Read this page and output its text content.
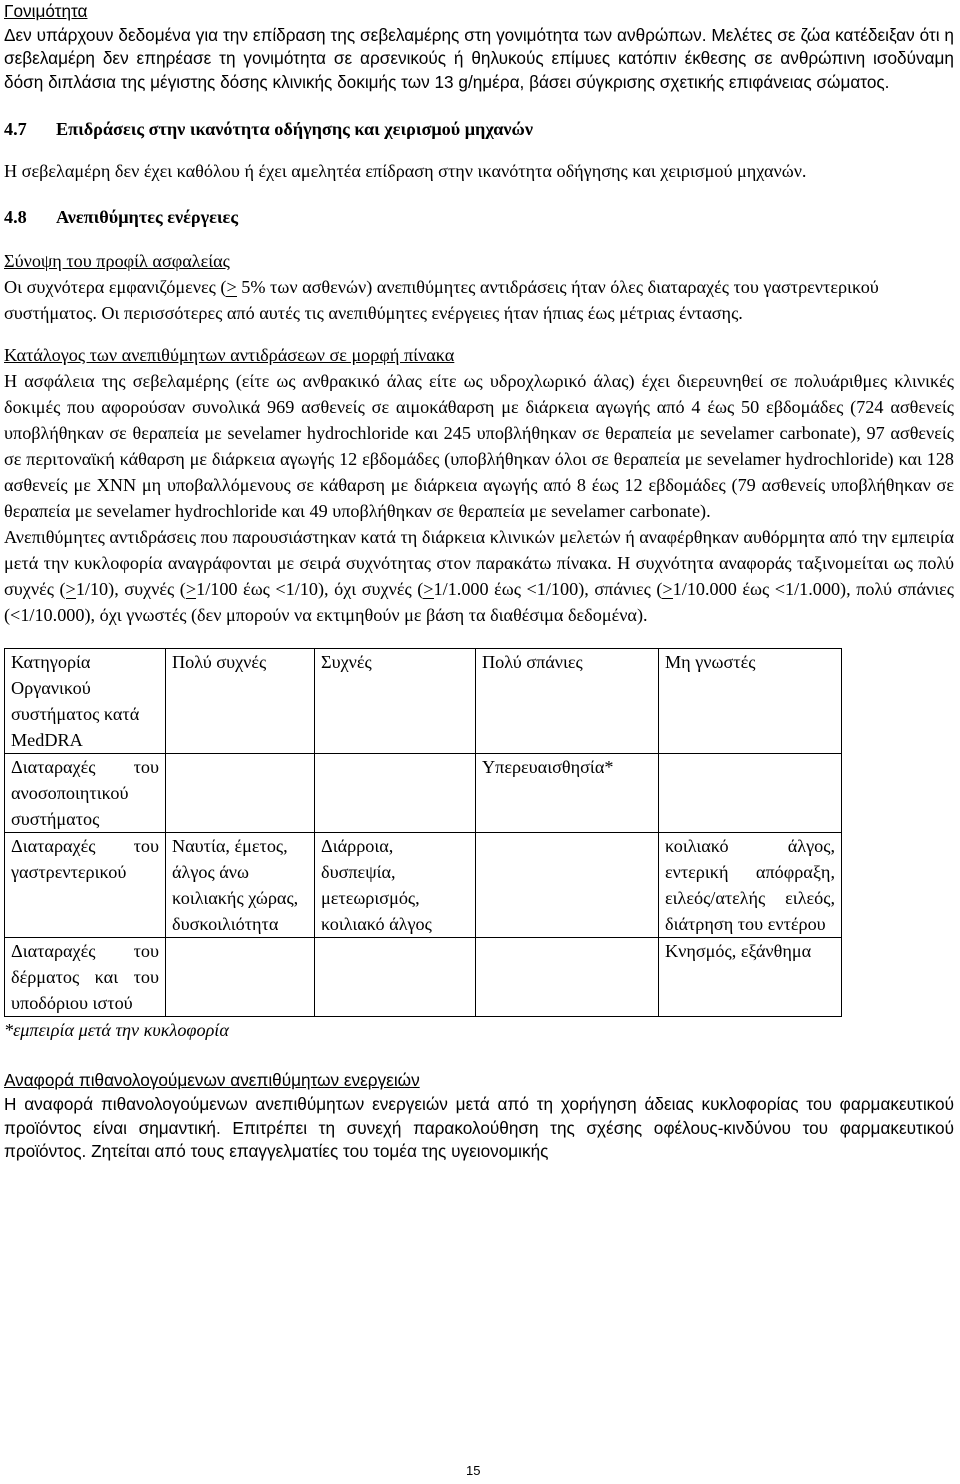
Γονιμότητα

Δεν υπάρχουν δεδομένα για την επίδραση της σεβελαμέρης στη γονιμότητα των ανθρώπων. Μελέτες σε ζώα κατέδειξαν ότι η σεβελαμέρη δεν επηρέασε τη γονιμότητα σε αρσενικούς ή θηλυκούς επίμυες κατόπιν έκθεσης σε ανθρώπινη ισοδύναμη δόση διπλάσια της μέγιστης δόσης κλινικής δοκιμής των 13 g/ημέρα, βάσει σύγκρισης σχετικής επιφάνειας σώματος.

4.7	Επιδράσεις στην ικανότητα οδήγησης και χειρισμού μηχανών

Η σεβελαμέρη δεν έχει καθόλου ή έχει αμελητέα επίδραση στην ικανότητα οδήγησης και χειρισμού μηχανών.

4.8	Ανεπιθύμητες ενέργειες

Σύνοψη του προφίλ ασφαλείας

Οι συχνότερα εμφανιζόμενες (> 5% των ασθενών) ανεπιθύμητες αντιδράσεις ήταν όλες διαταραχές του γαστρεντερικού συστήματος. Οι περισσότερες από αυτές τις ανεπιθύμητες ενέργειες ήταν ήπιας έως μέτριας έντασης.

Κατάλογος των ανεπιθύμητων αντιδράσεων σε μορφή πίνακα

Η ασφάλεια της σεβελαμέρης (είτε ως ανθρακικό άλας είτε ως υδροχλωρικό άλας) έχει διερευνηθεί σε πολυάριθμες κλινικές δοκιμές που αφορούσαν συνολικά 969 ασθενείς σε αιμοκάθαρση με διάρκεια αγωγής από 4 έως 50 εβδομάδες (724 ασθενείς υποβλήθηκαν σε θεραπεία με sevelamer hydrochloride και 245 υποβλήθηκαν σε θεραπεία με sevelamer carbonate), 97 ασθενείς σε περιτοναϊκή κάθαρση με διάρκεια αγωγής 12 εβδομάδες (υποβλήθηκαν όλοι σε θεραπεία με sevelamer hydrochloride) και 128 ασθενείς με ΧΝΝ μη υποβαλλόμενους σε κάθαρση με διάρκεια αγωγής από 8 έως 12 εβδομάδες (79 ασθενείς υποβλήθηκαν σε θεραπεία με sevelamer hydrochloride και 49 υποβλήθηκαν σε θεραπεία με sevelamer carbonate).

Ανεπιθύμητες αντιδράσεις που παρουσιάστηκαν κατά τη διάρκεια κλινικών μελετών ή αναφέρθηκαν αυθόρμητα από την εμπειρία μετά την κυκλοφορία αναγράφονται με σειρά συχνότητας στον παρακάτω πίνακα. Η συχνότητα αναφοράς ταξινομείται ως πολύ συχνές (>1/10), συχνές (>1/100 έως <1/10), όχι συχνές (>1/1.000 έως <1/100), σπάνιες (>1/10.000 έως <1/1.000), πολύ σπάνιες (<1/10.000), όχι γνωστές (δεν μπορούν να εκτιμηθούν με βάση τα διαθέσιμα δεδομένα).

Κατηγορία Οργανικού συστήματος κατά MedDRA	Πολύ συχνές	Συχνές	Πολύ σπάνιες	Μη γνωστές
Διαταραχές του ανοσοποιητικού συστήματος			Υπερευαισθησία*	
Διαταραχές του γαστρεντερικού	Ναυτία, έμετος, άλγος άνω κοιλιακής χώρας, δυσκοιλιότητα	Διάρροια, δυσπεψία, μετεωρισμός, κοιλιακό άλγος		κοιλιακό άλγος, εντερική απόφραξη, ειλεός/ατελής ειλεός, διάτρηση του εντέρου
Διαταραχές του δέρματος και του υποδόριου ιστού				Κνησμός, εξάνθημα

*εμπειρία μετά την κυκλοφορία

Αναφορά πιθανολογούμενων ανεπιθύμητων ενεργειών

Η αναφορά πιθανολογούμενων ανεπιθύμητων ενεργειών μετά από τη χορήγηση άδειας κυκλοφορίας του φαρμακευτικού προϊόντος είναι σημαντική. Επιτρέπει τη συνεχή παρακολούθηση της σχέσης οφέλους-κινδύνου του φαρμακευτικού προϊόντος. Ζητείται από τους επαγγελματίες του τομέα της υγειονομικής

15
